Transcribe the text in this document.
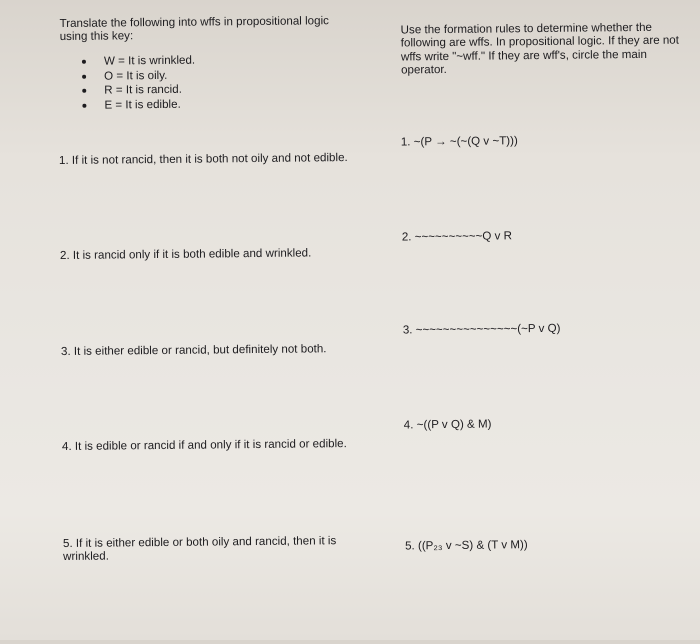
Translate the following into wffs in propositional logic using this key:
Use the formation rules to determine whether the following are wffs. In propositional logic. If they are not wffs write "~wff." If they are wff's, circle the main operator.
W = It is wrinkled.
O = It is oily.
R = It is rancid.
E = It is edible.
1. If it is not rancid, then it is both not oily and not edible.
2. It is rancid only if it is both edible and wrinkled.
3. It is either edible or rancid, but definitely not both.
4. It is edible or rancid if and only if it is rancid or edible.
5. If it is either edible or both oily and rancid, then it is wrinkled.
1. ~(P → ~(~(Q v ~T)))
2. ~~~~~~~~~~Q v R
3. ~~~~~~~~~~~~~~~(~P v Q)
4. ~((P v Q) & M)
5. ((P₂₃ v ~S) & (T v M))
